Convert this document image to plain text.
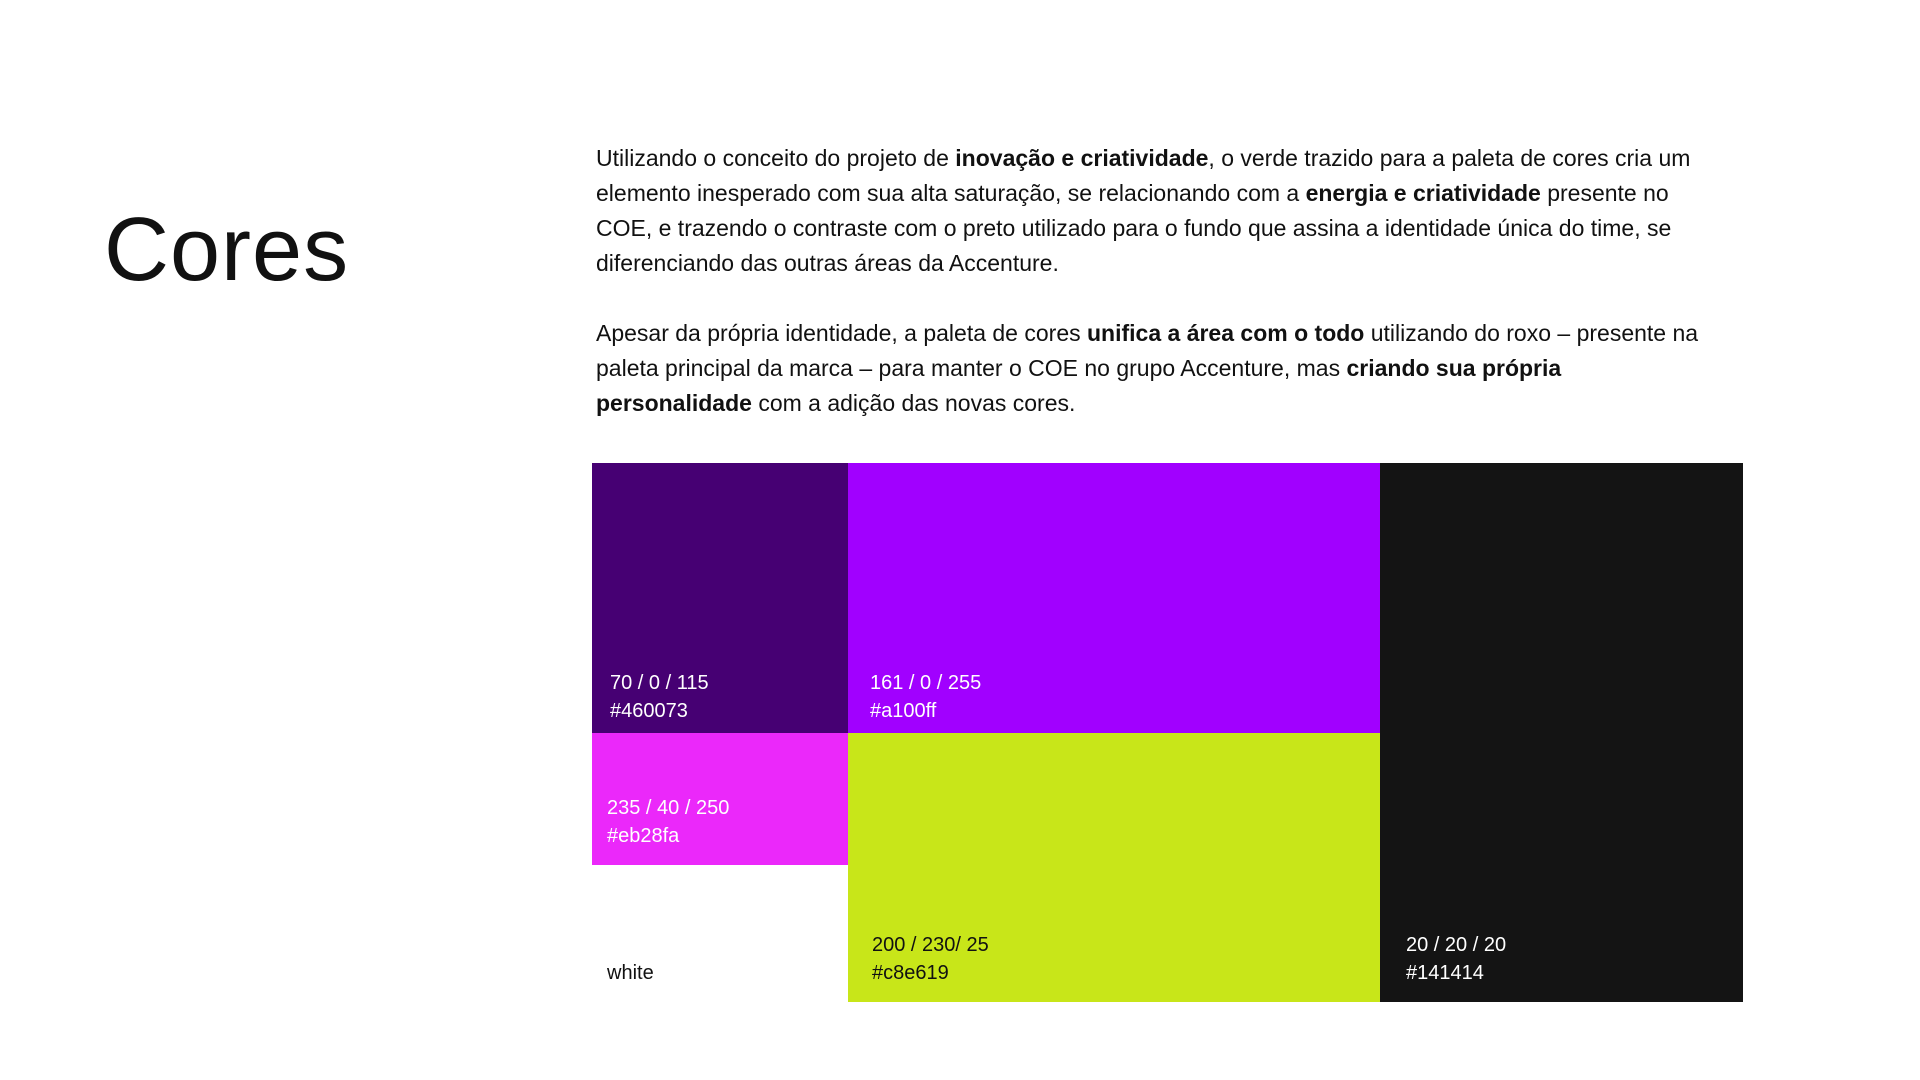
Cores

Utilizando o conceito do projeto de inovação e criatividade, o verde trazido para a paleta de cores cria um elemento inesperado com sua alta saturação, se relacionando com a energia e criatividade presente no COE, e trazendo o contraste com o preto utilizado para o fundo que assina a identidade única do time, se diferenciando das outras áreas da Accenture.

Apesar da própria identidade, a paleta de cores unifica a área com o todo utilizando do roxo – presente na paleta principal da marca – para manter o COE no grupo Accenture, mas criando sua própria personalidade com a adição das novas cores.

70 / 0 / 115
#460073
161 / 0 / 255
#a100ff
235 / 40 / 250
#eb28fa
white
200 / 230/ 25
#c8e619
20 / 20 / 20
#141414
